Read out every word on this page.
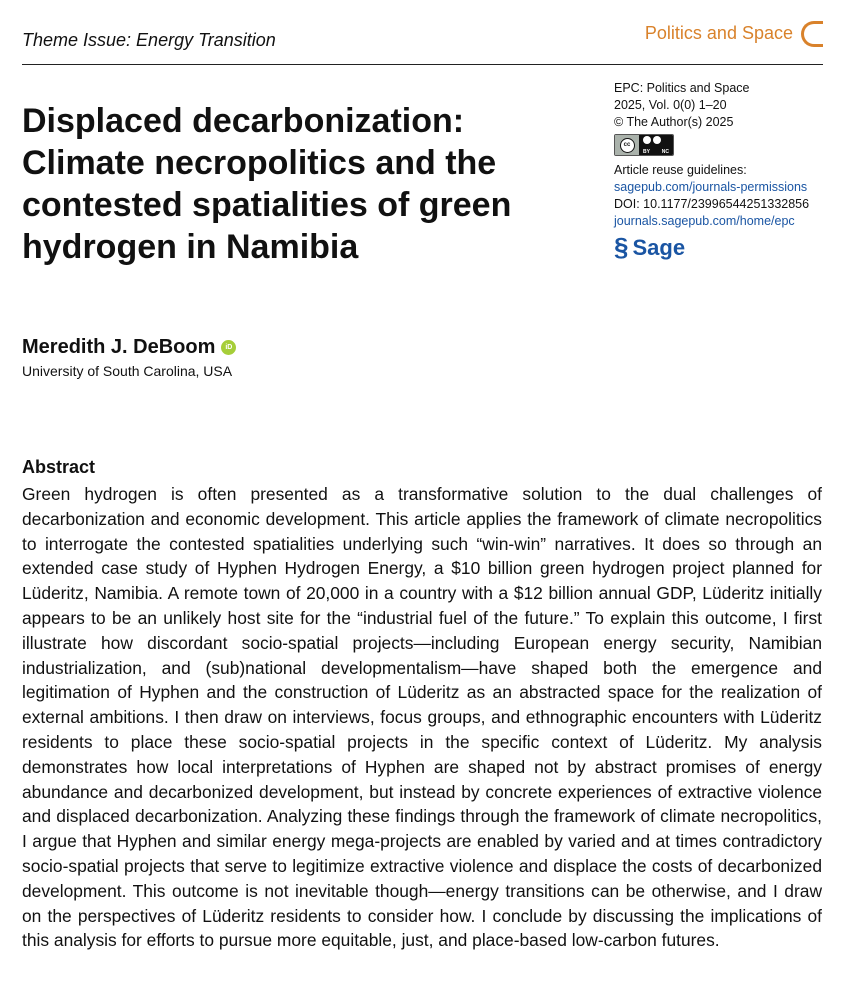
Theme Issue: Energy Transition	Politics and Space
Displaced decarbonization: Climate necropolitics and the contested spatialities of green hydrogen in Namibia
EPC: Politics and Space
2025, Vol. 0(0) 1–20
© The Author(s) 2025
cc
BY NC
Article reuse guidelines:
sagepub.com/journals-permissions
DOI: 10.1177/23996544251332856
journals.sagepub.com/home/epc
§ Sage
Meredith J. DeBoom	iD
University of South Carolina, USA
Abstract

Green hydrogen is often presented as a transformative solution to the dual challenges of decarbonization and economic development. This article applies the framework of climate necropolitics to interrogate the contested spatialities underlying such “win-win” narratives. It does so through an extended case study of Hyphen Hydrogen Energy, a $10 billion green hydrogen project planned for Lüderitz, Namibia. A remote town of 20,000 in a country with a $12 billion annual GDP, Lüderitz initially appears to be an unlikely host site for the “industrial fuel of the future.” To explain this outcome, I first illustrate how discordant socio-spatial projects—including European energy security, Namibian industrialization, and (sub)national developmentalism—have shaped both the emergence and legitimation of Hyphen and the construction of Lüderitz as an abstracted space for the realization of external ambitions. I then draw on interviews, focus groups, and ethnographic encounters with Lüderitz residents to place these socio-spatial projects in the specific context of Lüderitz. My analysis demonstrates how local interpretations of Hyphen are shaped not by abstract promises of energy abundance and decarbonized development, but instead by concrete experiences of extractive violence and displaced decarbonization. Analyzing these findings through the framework of climate necropolitics, I argue that Hyphen and similar energy mega-projects are enabled by varied and at times contradictory socio-spatial projects that serve to legitimize extractive violence and displace the costs of decarbonized development. This outcome is not inevitable though—energy transitions can be otherwise, and I draw on the perspectives of Lüderitz residents to consider how. I conclude by discussing the implications of this analysis for efforts to pursue more equitable, just, and place-based low-carbon futures.
